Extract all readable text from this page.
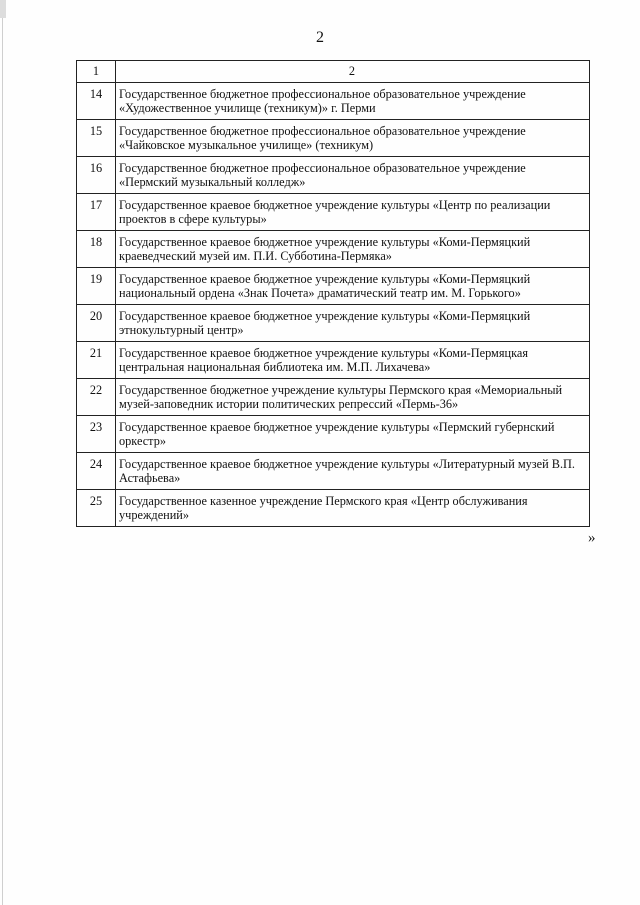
2
1	2
14	Государственное бюджетное профессиональное образовательное учреждение «Художественное училище (техникум)» г. Перми
15	Государственное бюджетное профессиональное образовательное учреждение «Чайковское музыкальное училище» (техникум)
16	Государственное бюджетное профессиональное образовательное учреждение «Пермский музыкальный колледж»
17	Государственное краевое бюджетное учреждение культуры «Центр по реализации проектов в сфере культуры»
18	Государственное краевое бюджетное учреждение культуры «Коми-Пермяцкий краеведческий музей им. П.И. Субботина-Пермяка»
19	Государственное краевое бюджетное учреждение культуры «Коми-Пермяцкий национальный ордена «Знак Почета» драматический театр им. М. Горького»
20	Государственное краевое бюджетное учреждение культуры «Коми-Пермяцкий этнокультурный центр»
21	Государственное краевое бюджетное учреждение культуры «Коми-Пермяцкая центральная национальная библиотека им. М.П. Лихачева»
22	Государственное бюджетное учреждение культуры Пермского края «Мемориальный музей-заповедник истории политических репрессий «Пермь-36»
23	Государственное краевое бюджетное учреждение культуры «Пермский губернский оркестр»
24	Государственное краевое бюджетное учреждение культуры «Литературный музей В.П. Астафьева»
25	Государственное казенное учреждение Пермского края «Центр обслуживания учреждений»
»
